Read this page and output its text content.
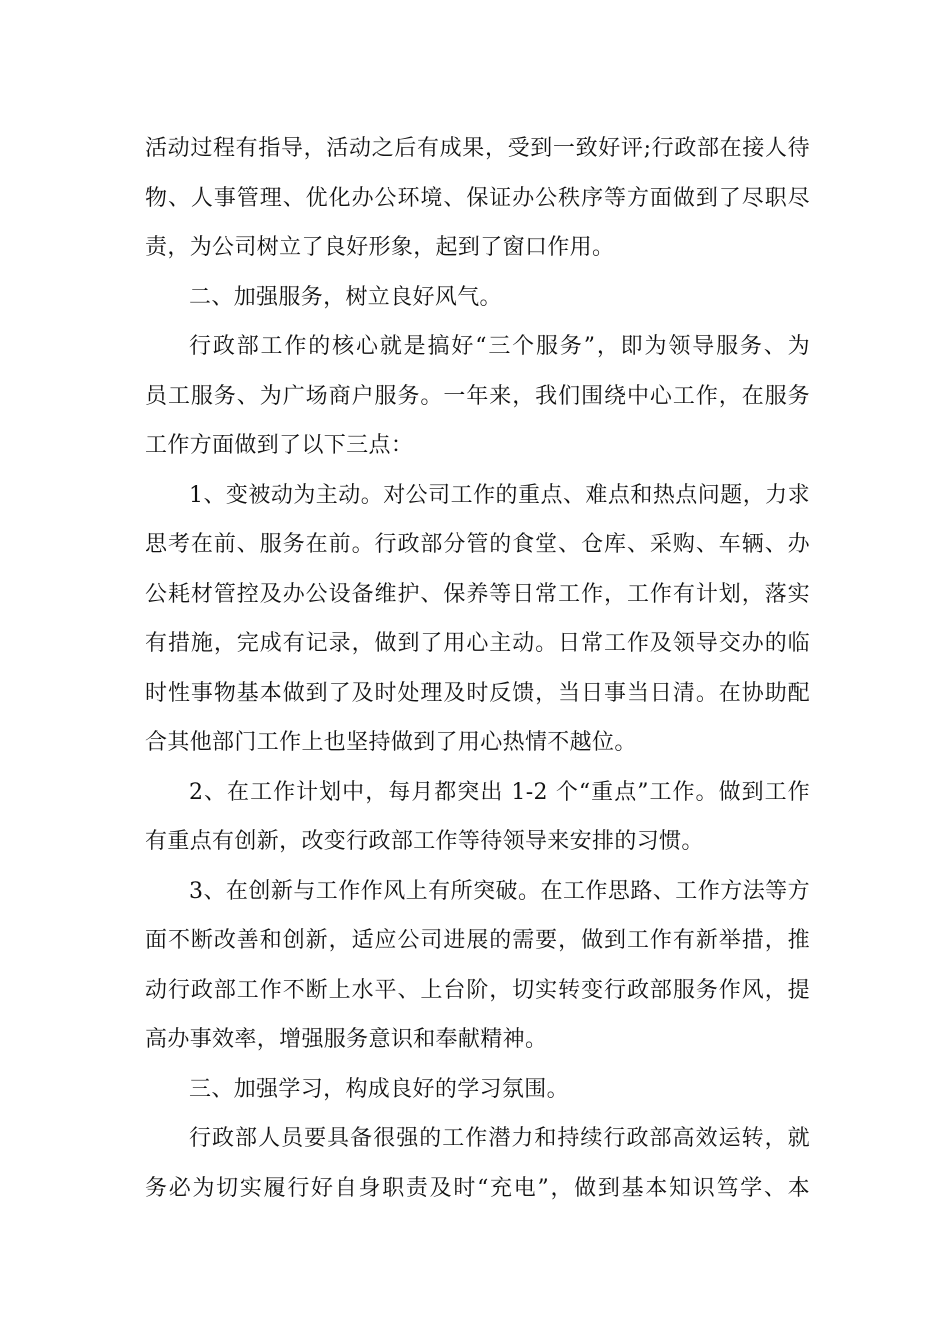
活动过程有指导，活动之后有成果，受到一致好评;行政部在接人待
物、人事管理、优化办公环境、保证办公秩序等方面做到了尽职尽
责，为公司树立了良好形象，起到了窗口作用。
二、加强服务，树立良好风气。
行政部工作的核心就是搞好“三个服务”，即为领导服务、为
员工服务、为广场商户服务。一年来，我们围绕中心工作，在服务
工作方面做到了以下三点：
1、变被动为主动。对公司工作的重点、难点和热点问题，力求
思考在前、服务在前。行政部分管的食堂、仓库、采购、车辆、办
公耗材管控及办公设备维护、保养等日常工作，工作有计划，落实
有措施，完成有记录，做到了用心主动。日常工作及领导交办的临
时性事物基本做到了及时处理及时反馈，当日事当日清。在协助配
合其他部门工作上也坚持做到了用心热情不越位。
2、在工作计划中，每月都突出 1-2 个“重点”工作。做到工作
有重点有创新，改变行政部工作等待领导来安排的习惯。
3、在创新与工作作风上有所突破。在工作思路、工作方法等方
面不断改善和创新，适应公司进展的需要，做到工作有新举措，推
动行政部工作不断上水平、上台阶，切实转变行政部服务作风，提
高办事效率，增强服务意识和奉献精神。
三、加强学习，构成良好的学习氛围。
行政部人员要具备很强的工作潜力和持续行政部高效运转，就
务必为切实履行好自身职责及时“充电”，做到基本知识笃学、本
